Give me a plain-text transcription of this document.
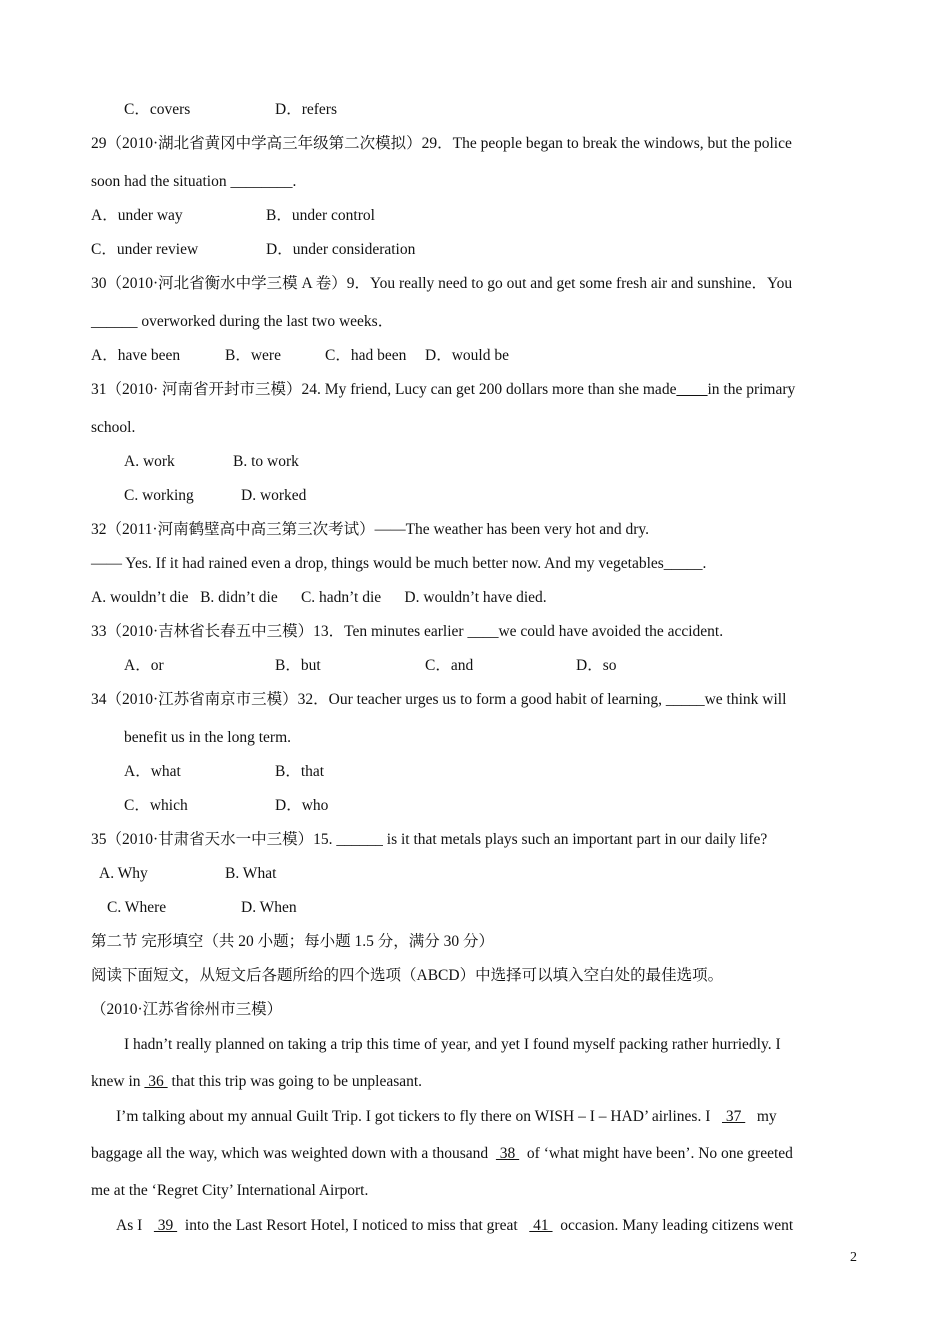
C．covers	D．refers
29（2010·湖北省黄冈中学高三年级第二次模拟）29．The people began to break the windows, but the police
soon had the situation ________.
A．under way	B．under control
C．under review	D．under consideration
30（2010·河北省衡水中学三模 A 卷）9．You really need to go out and get some fresh air and sunshine．You
______ overworked during the last two weeks．
A．have been	B．were	C．had been D．would be
31（2010· 河南省开封市三模）24. My friend, Lucy can get 200 dollars more than she made____in the primary
school.
A. work	B. to work
C. working	D. worked
32（2011·河南鹤壁高中高三第三次考试）——The weather has been very hot and dry.
—— Yes. If it had rained even a drop, things would be much better now. And my vegetables_____.
A. wouldn’t die   B. didn’t die      C. hadn’t die      D. wouldn’t have died.
33（2010·吉林省长春五中三模）13．Ten minutes earlier ____we could have avoided the accident.
A．or	B．but	C．and	D．so
34（2010·江苏省南京市三模）32．Our teacher urges us to form a good habit of learning, _____we think will
benefit us in the long term.
A．what	B．that
C．which	D．who
35（2010·甘肃省天水一中三模）15. ______ is it that metals plays such an important part in our daily life?
A. Why	B. What
C. Where	D. When
第二节 完形填空（共 20 小题；每小题 1.5 分，满分 30 分）
阅读下面短文，从短文后各题所给的四个选项（ABCD）中选择可以填入空白处的最佳选项。
（2010·江苏省徐州市三模）
I hadn’t really planned on taking a trip this time of year, and yet I found myself packing rather hurriedly. I
knew in  36  that this trip was going to be unpleasant.
I’m talking about my annual Guilt Trip. I got tickers to fly there on WISH – I – HAD’ airlines. I    37    my
baggage all the way, which was weighted down with a thousand   38   of ‘what might have been’. No one greeted
me at the ‘Regret City’ International Airport.
As I    39   into the Last Resort Hotel, I noticed to miss that great    41   occasion. Many leading citizens went
2
